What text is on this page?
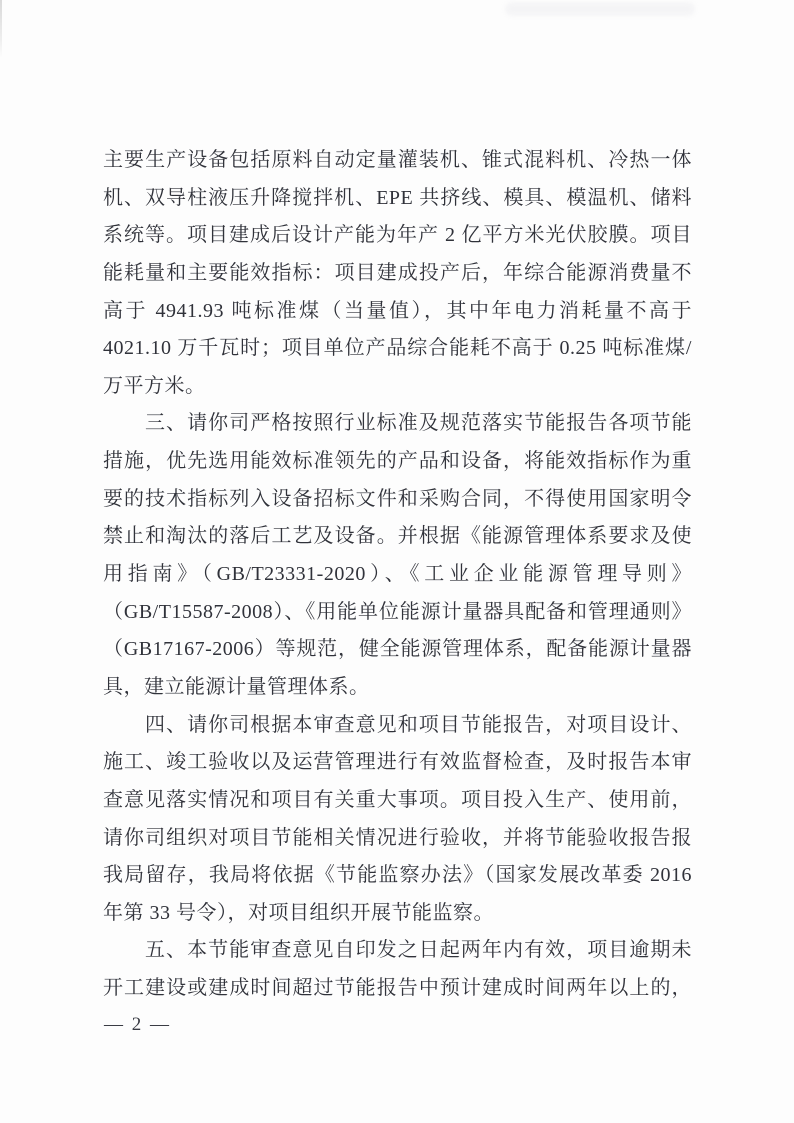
主要生产设备包括原料自动定量灌装机、锥式混料机、冷热一体
机、双导柱液压升降搅拌机、EPE 共挤线、模具、模温机、储料
系统等。项目建成后设计产能为年产 2 亿平方米光伏胶膜。项目
能耗量和主要能效指标：项目建成投产后，年综合能源消费量不
高于 4941.93 吨标准煤（当量值），其中年电力消耗量不高于
4021.10 万千瓦时；项目单位产品综合能耗不高于 0.25 吨标准煤/
万平方米。
三、请你司严格按照行业标准及规范落实节能报告各项节能
措施，优先选用能效标准领先的产品和设备，将能效指标作为重
要的技术指标列入设备招标文件和采购合同，不得使用国家明令
禁止和淘汰的落后工艺及设备。并根据《能源管理体系要求及使
用指南》（GB/T23331-2020）、《工业企业能源管理导则》
（GB/T15587-2008）、《用能单位能源计量器具配备和管理通则》
（GB17167-2006）等规范，健全能源管理体系，配备能源计量器
具，建立能源计量管理体系。
四、请你司根据本审查意见和项目节能报告，对项目设计、
施工、竣工验收以及运营管理进行有效监督检查，及时报告本审
查意见落实情况和项目有关重大事项。项目投入生产、使用前，
请你司组织对项目节能相关情况进行验收，并将节能验收报告报
我局留存，我局将依据《节能监察办法》（国家发展改革委 2016
年第 33 号令），对项目组织开展节能监察。
五、本节能审查意见自印发之日起两年内有效，项目逾期未
开工建设或建成时间超过节能报告中预计建成时间两年以上的，
— 2 —
